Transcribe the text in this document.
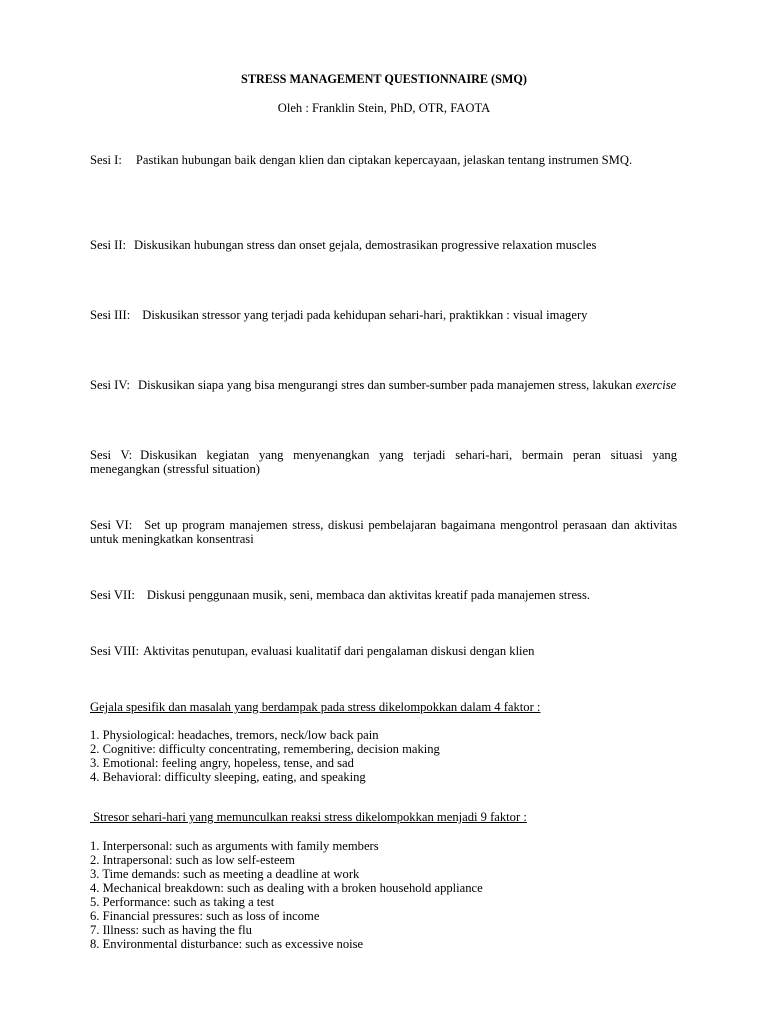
STRESS MANAGEMENT QUESTIONNAIRE (SMQ)
Oleh : Franklin Stein, PhD, OTR, FAOTA
Sesi I: Pastikan hubungan baik dengan klien dan ciptakan kepercayaan, jelaskan tentang instrumen SMQ.
Sesi II: Diskusikan hubungan stress dan onset gejala, demostrasikan progressive relaxation muscles
Sesi III: Diskusikan stressor yang terjadi pada kehidupan sehari-hari, praktikkan : visual imagery
Sesi IV: Diskusikan siapa yang bisa mengurangi stres dan sumber-sumber pada manajemen stress, lakukan exercise
Sesi V: Diskusikan kegiatan yang menyenangkan yang terjadi sehari-hari, bermain peran situasi yang menegangkan (stressful situation)
Sesi VI: Set up program manajemen stress, diskusi pembelajaran bagaimana mengontrol perasaan dan aktivitas untuk meningkatkan konsentrasi
Sesi VII: Diskusi penggunaan musik, seni, membaca dan aktivitas kreatif pada manajemen stress.
Sesi VIII: Aktivitas penutupan, evaluasi kualitatif dari pengalaman diskusi dengan klien
Gejala spesifik dan masalah yang berdampak pada stress dikelompokkan dalam 4 faktor :
1. Physiological: headaches, tremors, neck/low back pain
2. Cognitive: difficulty concentrating, remembering, decision making
3. Emotional: feeling angry, hopeless, tense, and sad
4. Behavioral: difficulty sleeping, eating, and speaking
Stresor sehari-hari yang memunculkan reaksi stress dikelompokkan menjadi 9 faktor :
1. Interpersonal: such as arguments with family members
2. Intrapersonal: such as low self-esteem
3. Time demands: such as meeting a deadline at work
4. Mechanical breakdown: such as dealing with a broken household appliance
5. Performance: such as taking a test
6. Financial pressures: such as loss of income
7. Illness: such as having the flu
8. Environmental disturbance: such as excessive noise
